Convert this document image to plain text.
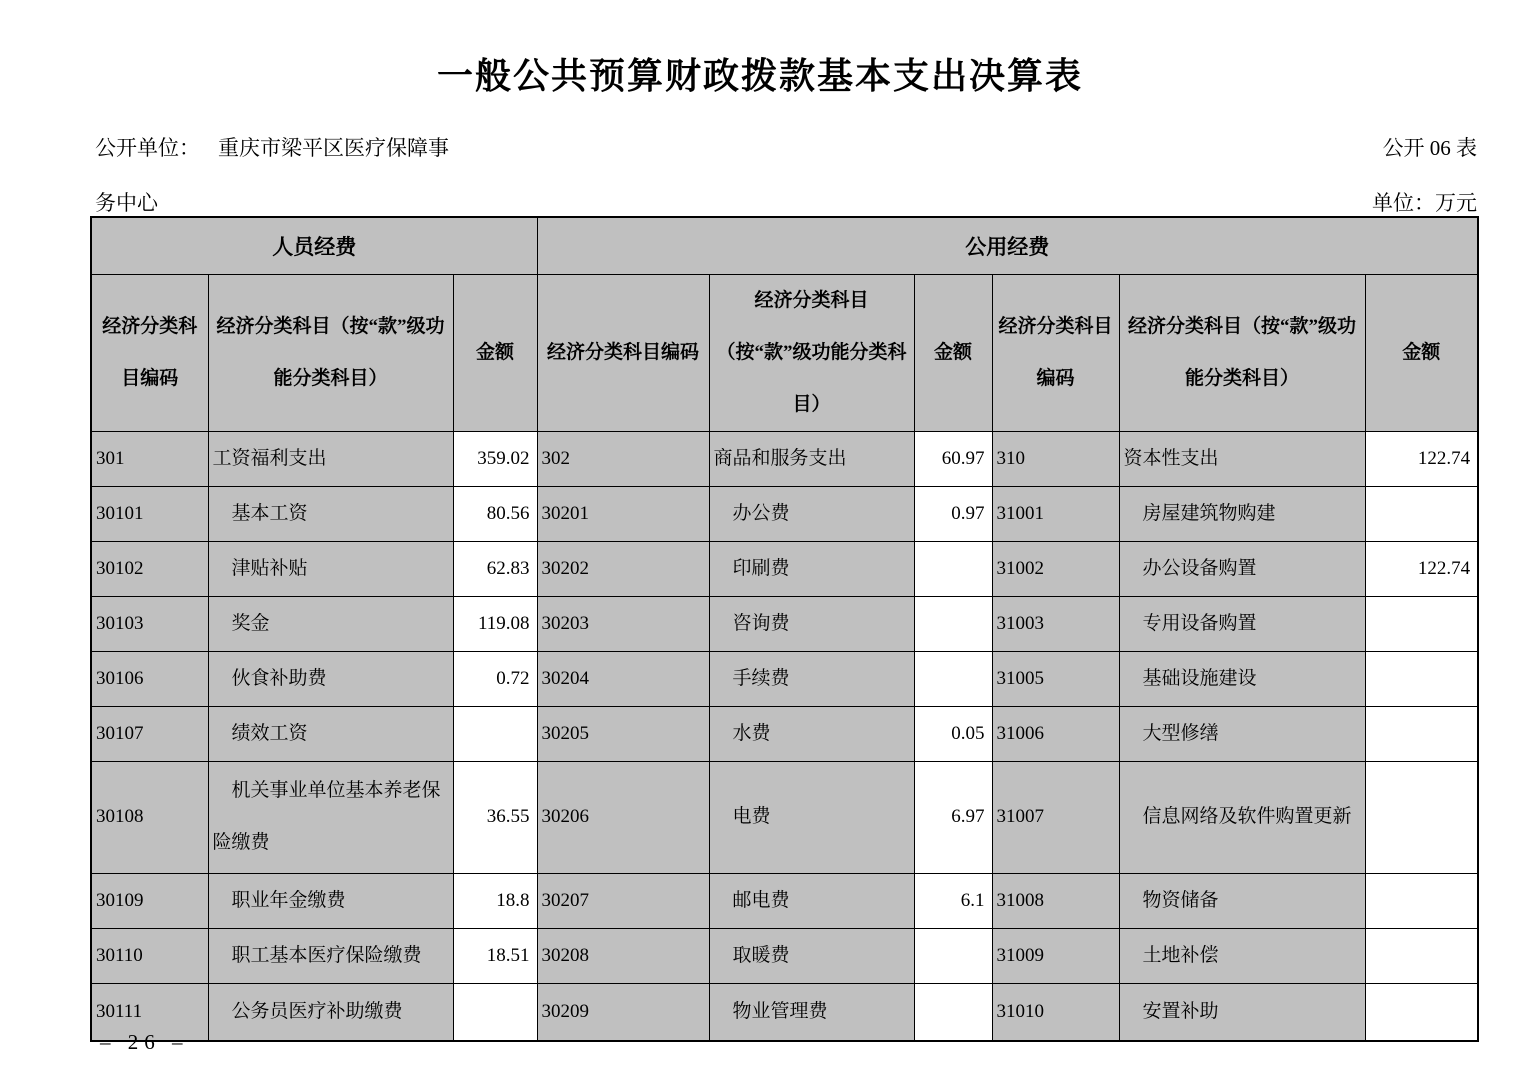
一般公共预算财政拨款基本支出决算表
公开单位： 重庆市梁平区医疗保障事	公开 06 表
务中心	单位：万元
人员经费			公用经费					
经济分类科目编码	经济分类科目（按“款”级功能分类科目）	金额	经济分类科目编码	经济分类科目（按“款”级功能分类科目）	金额	经济分类科目编码	经济分类科目（按“款”级功能分类科目）	金额
301	工资福利支出	359.02	302	商品和服务支出	60.97	310	资本性支出	122.74
30101	基本工资	80.56	30201	办公费	0.97	31001	房屋建筑物购建	
30102	津贴补贴	62.83	30202	印刷费		31002	办公设备购置	122.74
30103	奖金	119.08	30203	咨询费		31003	专用设备购置	
30106	伙食补助费	0.72	30204	手续费		31005	基础设施建设	
30107	绩效工资		30205	水费	0.05	31006	大型修缮	
30108	机关事业单位基本养老保险缴费	36.55	30206	电费	6.97	31007	信息网络及软件购置更新	
30109	职业年金缴费	18.8	30207	邮电费	6.1	31008	物资储备	
30110	职工基本医疗保险缴费	18.51	30208	取暖费		31009	土地补偿	
30111	公务员医疗补助缴费		30209	物业管理费		31010	安置补助	
– 26 –
